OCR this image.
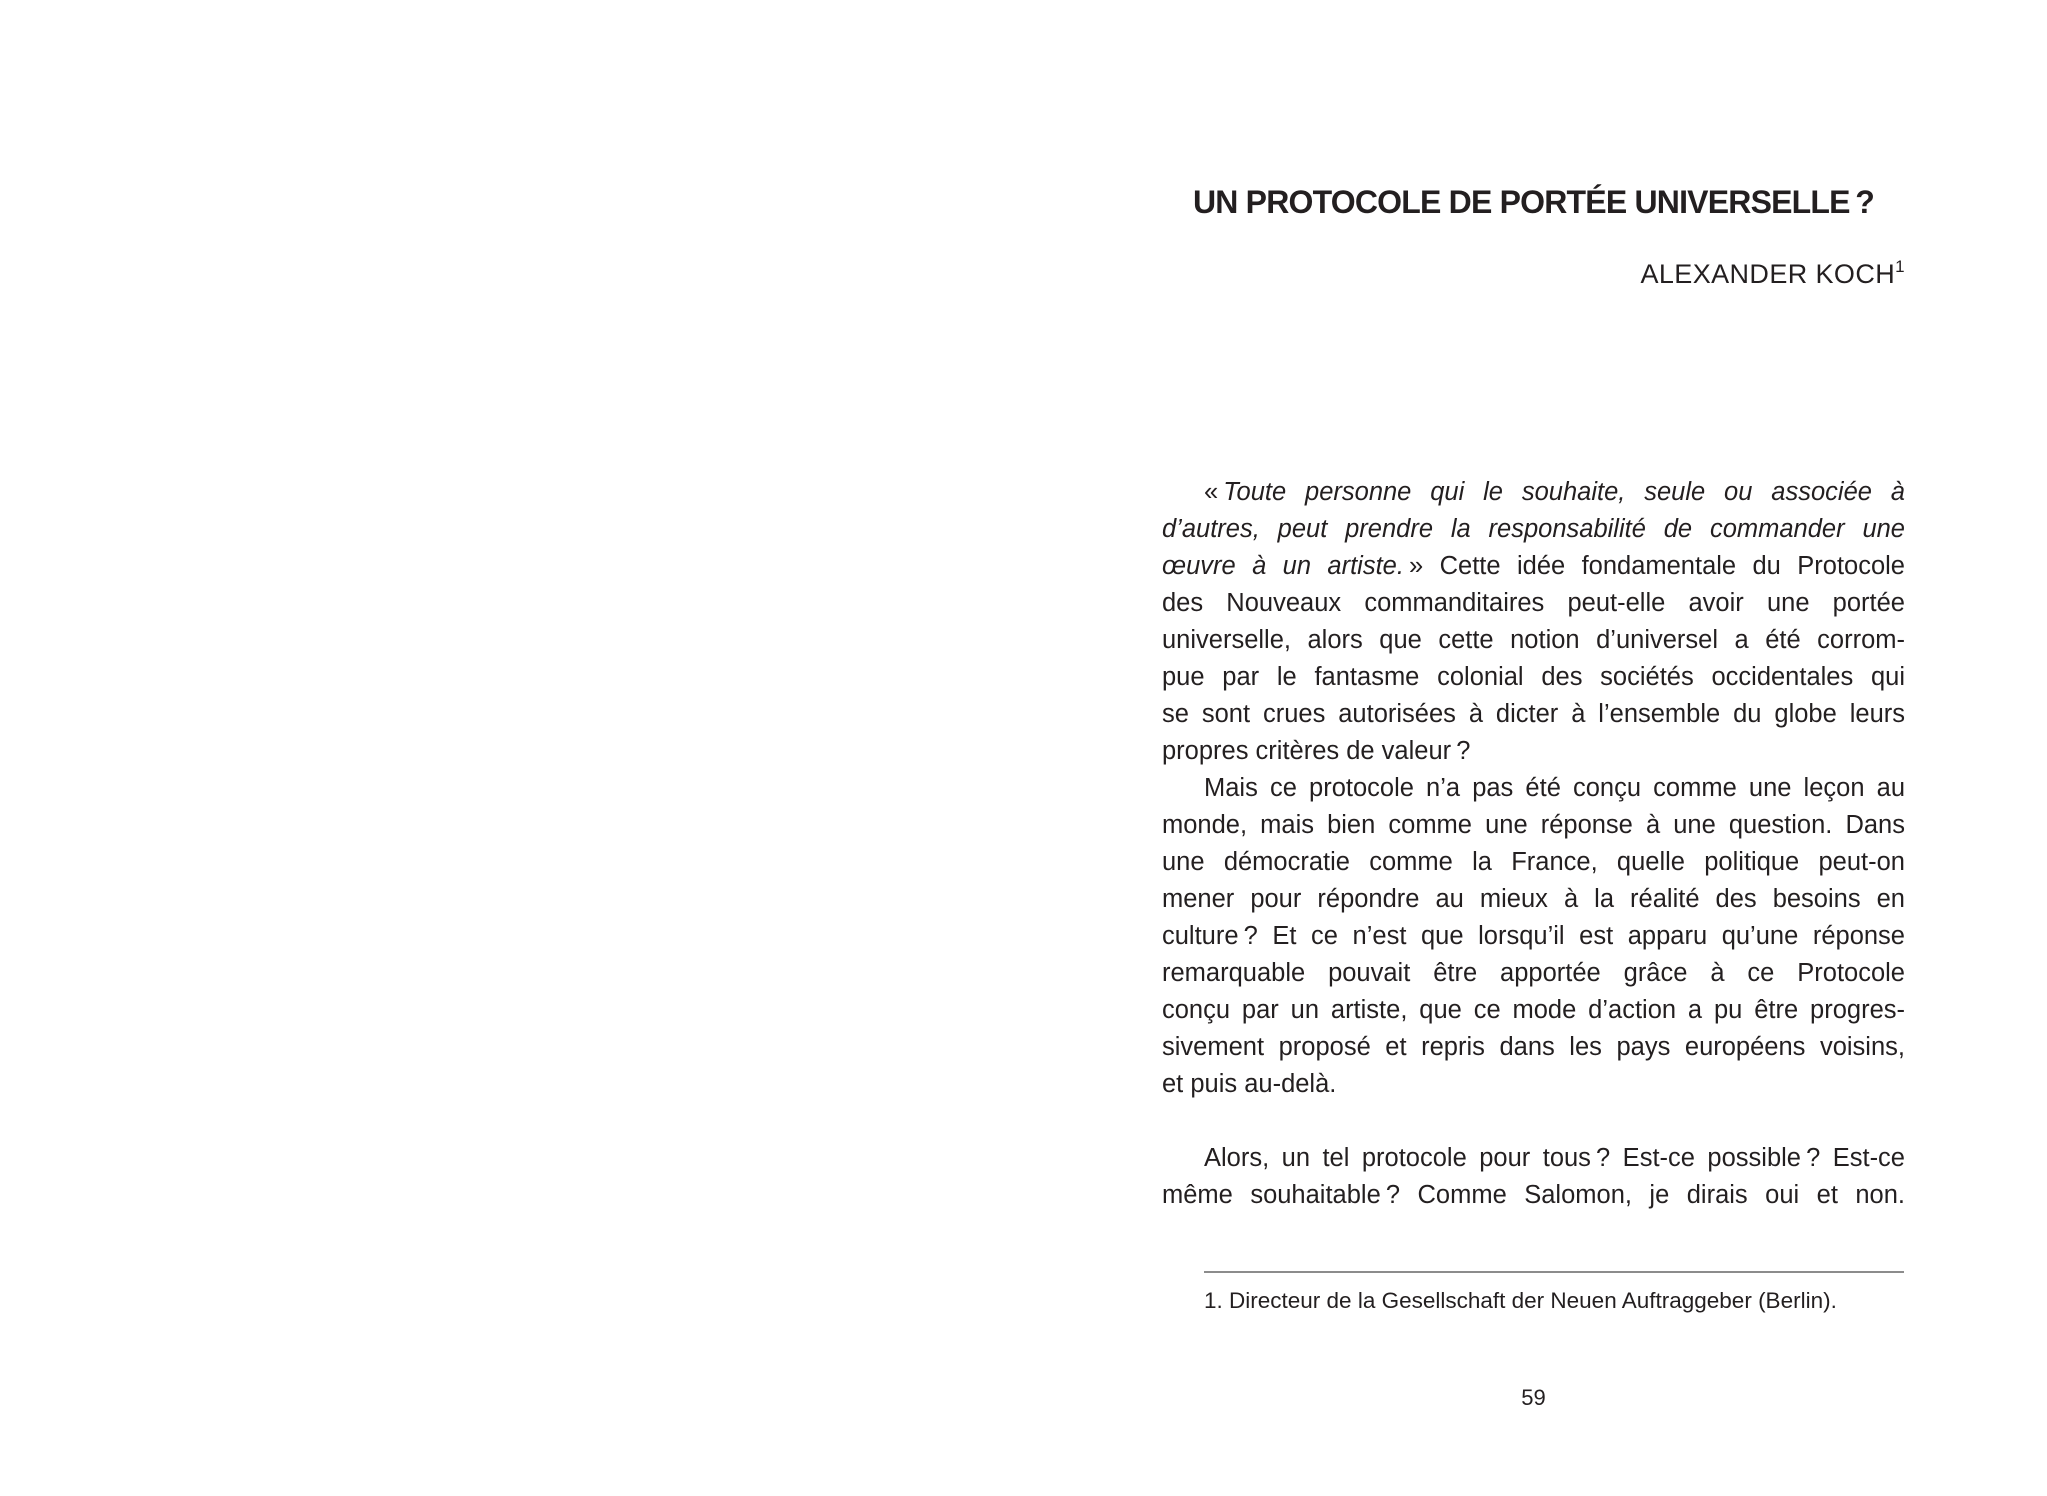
UN PROTOCOLE DE PORTÉE UNIVERSELLE ?
ALEXANDER KOCH$^1$
« Toute personne qui le souhaite, seule ou associée à
d’autres, peut prendre la responsabilité de commander une
œuvre à un artiste. » Cette idée fondamentale du Protocole
des Nouveaux commanditaires peut-elle avoir une portée
universelle, alors que cette notion d’universel a été corrom-
pue par le fantasme colonial des sociétés occidentales qui
se sont crues autorisées à dicter à l’ensemble du globe leurs
propres critères de valeur ?
Mais ce protocole n’a pas été conçu comme une leçon au
monde, mais bien comme une réponse à une question. Dans
une démocratie comme la France, quelle politique peut-on
mener pour répondre au mieux à la réalité des besoins en
culture ? Et ce n’est que lorsqu’il est apparu qu’une réponse
remarquable pouvait être apportée grâce à ce Protocole
conçu par un artiste, que ce mode d’action a pu être progres-
sivement proposé et repris dans les pays européens voisins,
et puis au-delà.
Alors, un tel protocole pour tous ? Est-ce possible ? Est-ce
même souhaitable ? Comme Salomon, je dirais oui et non.
1. Directeur de la Gesellschaft der Neuen Auftraggeber (Berlin).
59
